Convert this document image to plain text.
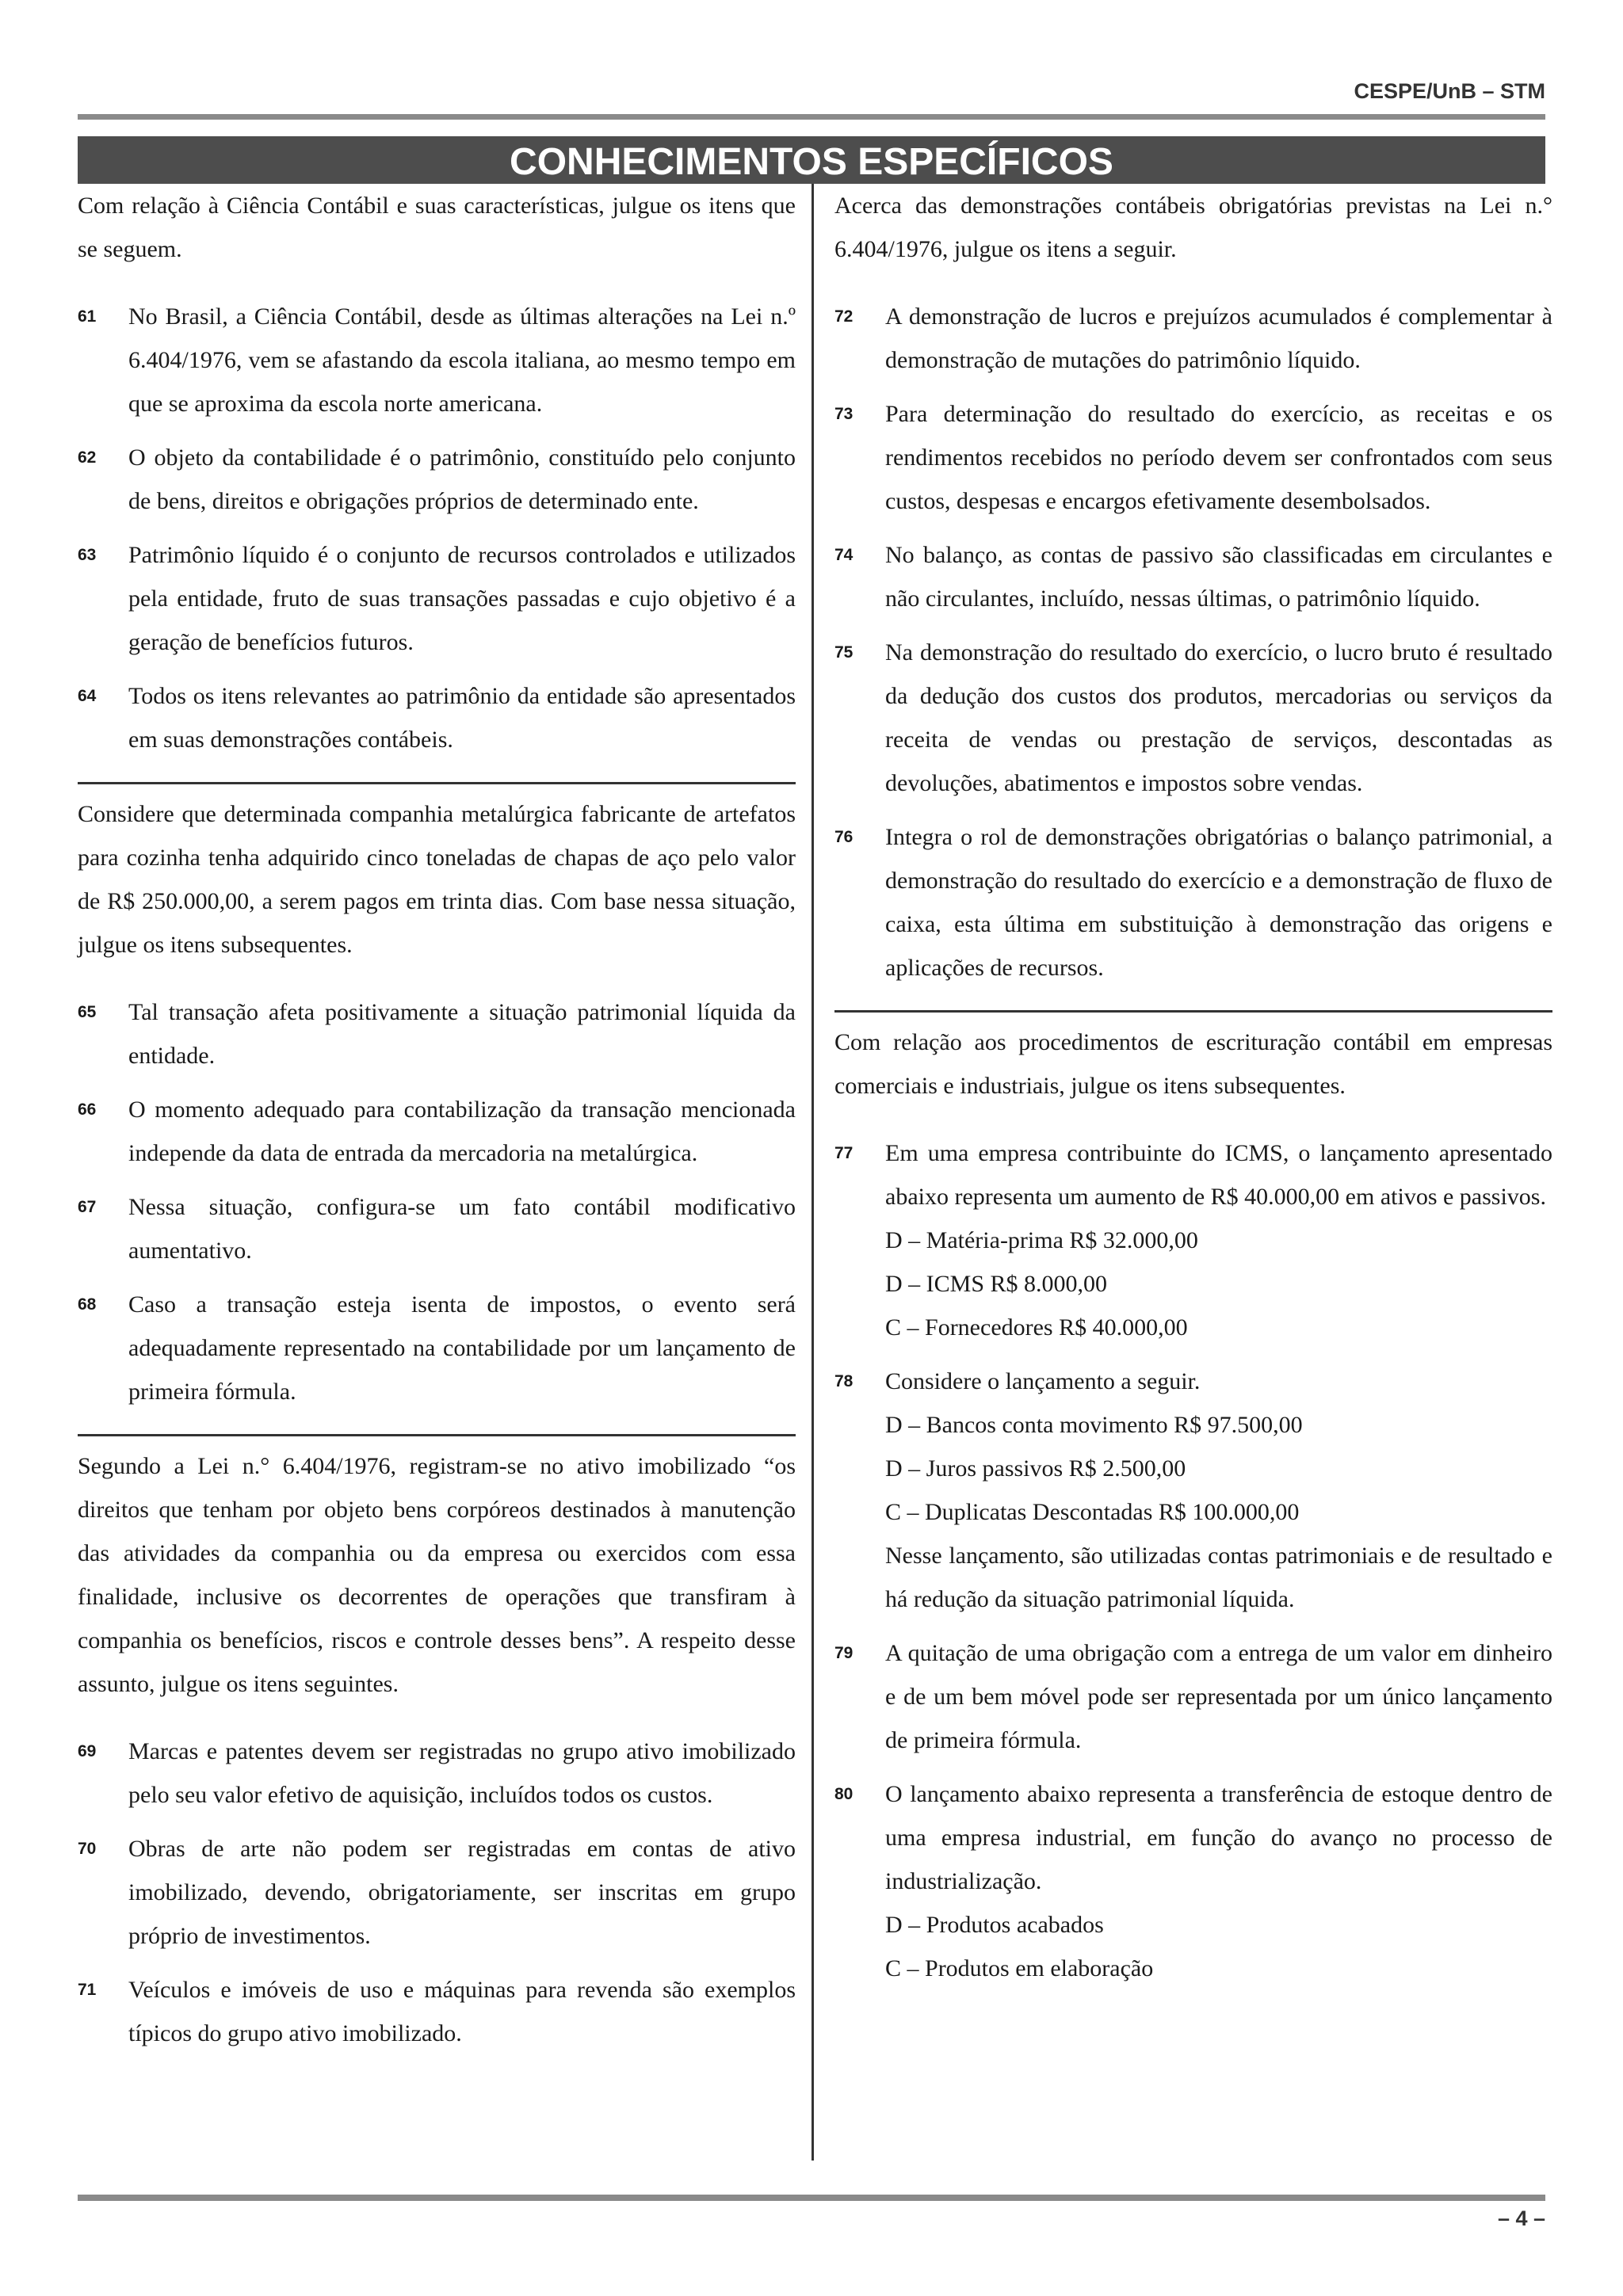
CESPE/UnB – STM
CONHECIMENTOS ESPECÍFICOS
Com relação à Ciência Contábil e suas características, julgue os itens que se seguem.
61 No Brasil, a Ciência Contábil, desde as últimas alterações na Lei n.º 6.404/1976, vem se afastando da escola italiana, ao mesmo tempo em que se aproxima da escola norte americana.
62 O objeto da contabilidade é o patrimônio, constituído pelo conjunto de bens, direitos e obrigações próprios de determinado ente.
63 Patrimônio líquido é o conjunto de recursos controlados e utilizados pela entidade, fruto de suas transações passadas e cujo objetivo é a geração de benefícios futuros.
64 Todos os itens relevantes ao patrimônio da entidade são apresentados em suas demonstrações contábeis.
Considere que determinada companhia metalúrgica fabricante de artefatos para cozinha tenha adquirido cinco toneladas de chapas de aço pelo valor de R$ 250.000,00, a serem pagos em trinta dias. Com base nessa situação, julgue os itens subsequentes.
65 Tal transação afeta positivamente a situação patrimonial líquida da entidade.
66 O momento adequado para contabilização da transação mencionada independe da data de entrada da mercadoria na metalúrgica.
67 Nessa situação, configura-se um fato contábil modificativo aumentativo.
68 Caso a transação esteja isenta de impostos, o evento será adequadamente representado na contabilidade por um lançamento de primeira fórmula.
Segundo a Lei n.° 6.404/1976, registram-se no ativo imobilizado “os direitos que tenham por objeto bens corpóreos destinados à manutenção das atividades da companhia ou da empresa ou exercidos com essa finalidade, inclusive os decorrentes de operações que transfiram à companhia os benefícios, riscos e controle desses bens”. A respeito desse assunto, julgue os itens seguintes.
69 Marcas e patentes devem ser registradas no grupo ativo imobilizado pelo seu valor efetivo de aquisição, incluídos todos os custos.
70 Obras de arte não podem ser registradas em contas de ativo imobilizado, devendo, obrigatoriamente, ser inscritas em grupo próprio de investimentos.
71 Veículos e imóveis de uso e máquinas para revenda são exemplos típicos do grupo ativo imobilizado.
Acerca das demonstrações contábeis obrigatórias previstas na Lei n.° 6.404/1976, julgue os itens a seguir.
72 A demonstração de lucros e prejuízos acumulados é complementar à demonstração de mutações do patrimônio líquido.
73 Para determinação do resultado do exercício, as receitas e os rendimentos recebidos no período devem ser confrontados com seus custos, despesas e encargos efetivamente desembolsados.
74 No balanço, as contas de passivo são classificadas em circulantes e não circulantes, incluído, nessas últimas, o patrimônio líquido.
75 Na demonstração do resultado do exercício, o lucro bruto é resultado da dedução dos custos dos produtos, mercadorias ou serviços da receita de vendas ou prestação de serviços, descontadas as devoluções, abatimentos e impostos sobre vendas.
76 Integra o rol de demonstrações obrigatórias o balanço patrimonial, a demonstração do resultado do exercício e a demonstração de fluxo de caixa, esta última em substituição à demonstração das origens e aplicações de recursos.
Com relação aos procedimentos de escrituração contábil em empresas comerciais e industriais, julgue os itens subsequentes.
77 Em uma empresa contribuinte do ICMS, o lançamento apresentado abaixo representa um aumento de R$ 40.000,00 em ativos e passivos.
D – Matéria-prima R$ 32.000,00
D – ICMS R$ 8.000,00
C – Fornecedores R$ 40.000,00
78 Considere o lançamento a seguir.
D – Bancos conta movimento R$ 97.500,00
D – Juros passivos R$ 2.500,00
C – Duplicatas Descontadas R$ 100.000,00
Nesse lançamento, são utilizadas contas patrimoniais e de resultado e há redução da situação patrimonial líquida.
79 A quitação de uma obrigação com a entrega de um valor em dinheiro e de um bem móvel pode ser representada por um único lançamento de primeira fórmula.
80 O lançamento abaixo representa a transferência de estoque dentro de uma empresa industrial, em função do avanço no processo de industrialização.
D – Produtos acabados
C – Produtos em elaboração
– 4 –
